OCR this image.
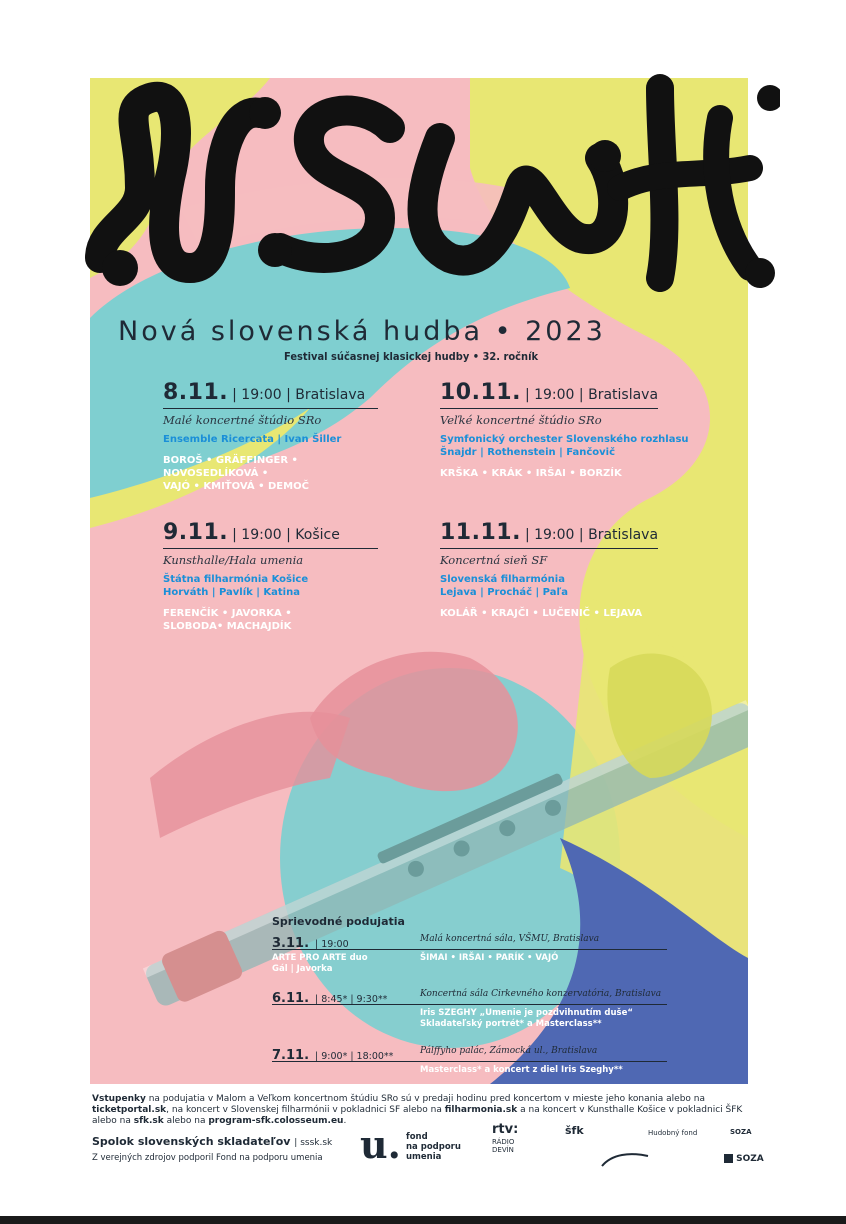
Nová slovenská hudba • 2023
Festival súčasnej klasickej hudby • 32. ročník
8.11. | 19:00 | Bratislava
Malé koncertné štúdio SRo
Ensemble Ricercata | Ivan Šiller
BOROŠ • GRÄFFINGER •
NOVOSEDLÍKOVÁ •
VAJÓ • KMIŤOVÁ • DEMOČ
10.11. | 19:00 | Bratislava
Veľké koncertné štúdio SRo
Symfonický orchester Slovenského rozhlasu
Šnajdr | Rothenstein | Fančovič
KRŠKA • KRÁK • IRŠAI • BORZÍK
9.11. | 19:00 | Košice
Kunsthalle/Hala umenia
Štátna filharmónia Košice
Horváth | Pavlík | Katina
FERENČÍK • JAVORKA •
SLOBODA• MACHAJDÍK
11.11. | 19:00 | Bratislava
Koncertná sieň SF
Slovenská filharmónia
Lejava | Procháč | Paľa
KOLÁŘ • KRAJČI • LUČENIČ • LEJAVA
Sprievodné podujatia
3.11. | 19:00	Malá koncertná sála, VŠMU, Bratislava
ARTE PRO ARTE duo
Gál | Javorka
ŠIMAI • IRŠAI • PARÍK • VAJÓ
6.11. | 8:45* | 9:30**	Koncertná sála Cirkevného konzervatória, Bratislava
Iris SZEGHY „Umenie je pozdvihnutím duše“
Skladateľský portrét* a Masterclass**
7.11. | 9:00* | 18:00**	Pálffyho palác, Zámocká ul., Bratislava
Masterclass* a koncert z diel Iris Szeghy**
Vstupenky na podujatia v Malom a Veľkom koncertnom štúdiu SRo sú v predaji hodinu pred koncertom v mieste jeho konania alebo na ticketportal.sk, na koncert v Slovenskej filharmónii v pokladnici SF alebo na filharmonia.sk a na koncert v Kunsthalle Košice v pokladnici ŠFK alebo na sfk.sk alebo na program-sfk.colosseum.eu.
Spolok slovenských skladateľov | sssk.sk
Z verejných zdrojov podporil Fond na podporu umenia u. fond
na podporu
umenia
rtv:
RÁDIO
DEVÍN
šfk	Hudobný fond	SOZA
SOZA
